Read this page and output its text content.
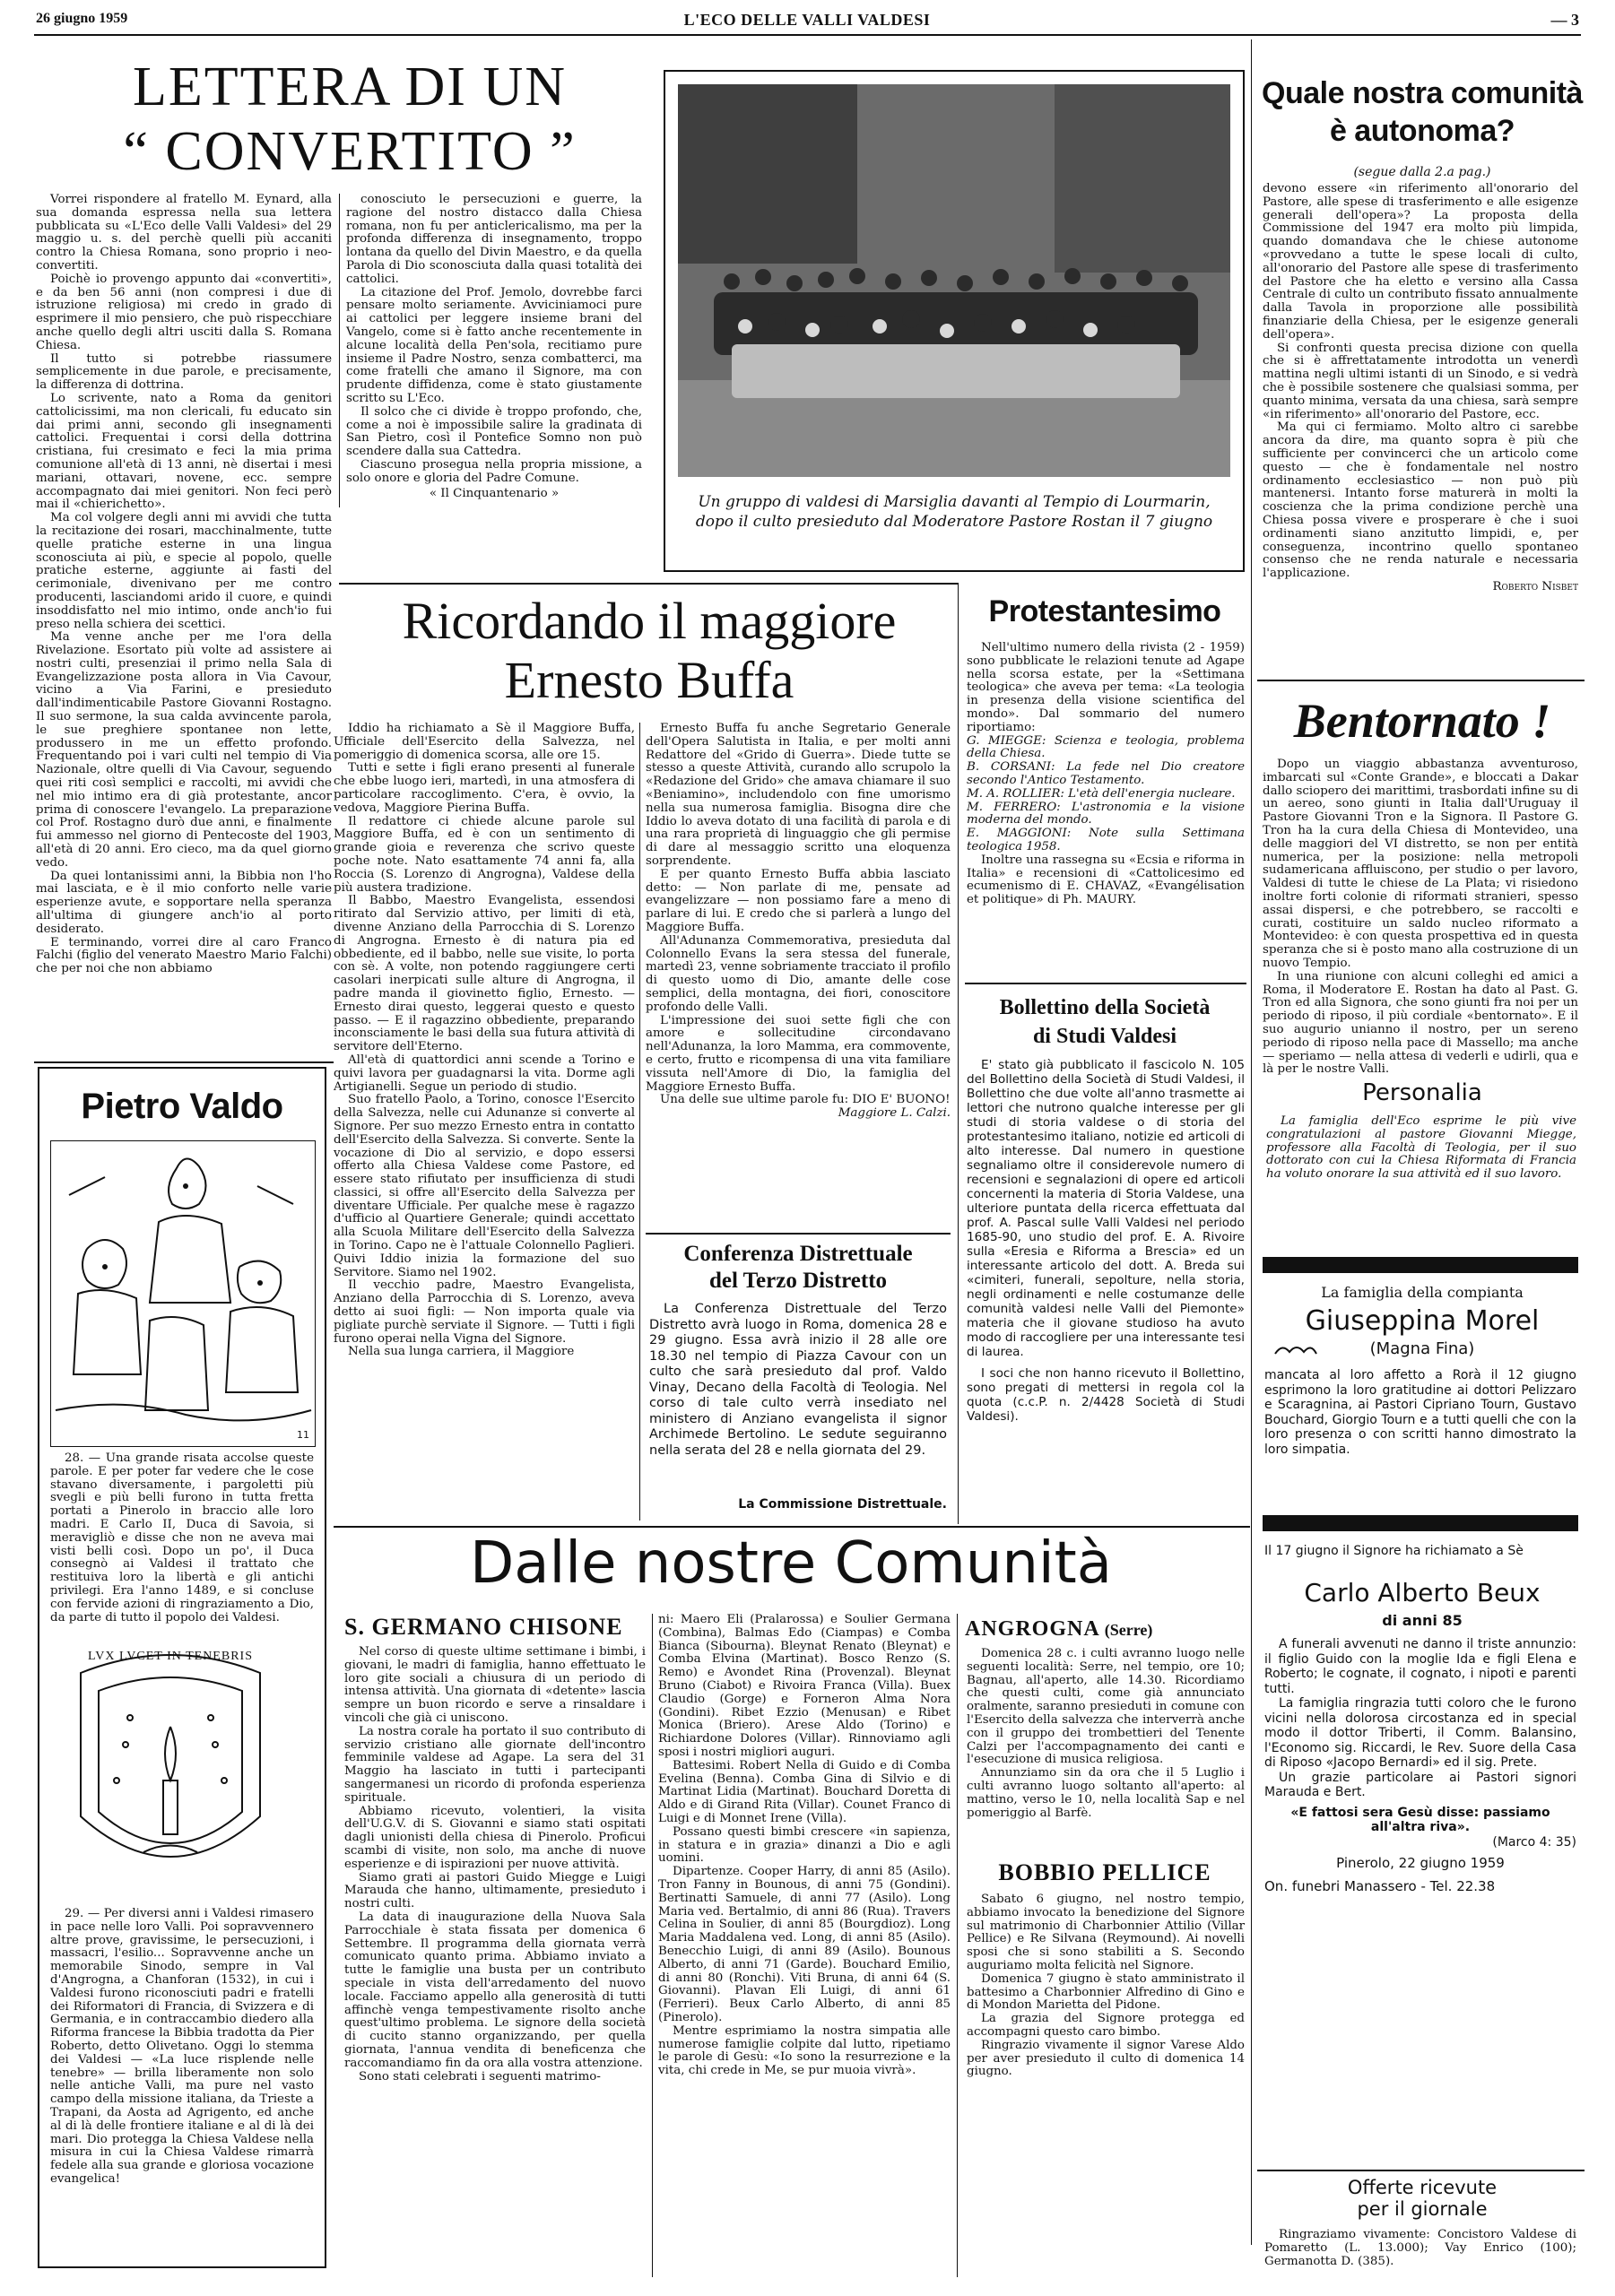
26 giugno 1959	L'ECO DELLE VALLI VALDESI	— 3
LETTERA DI UN
“ CONVERTITO ”

Vorrei rispondere al fratello M. Eynard, alla sua domanda espressa nella sua lettera pubblicata su «L'Eco delle Valli Valdesi» del 29 maggio u. s. del perchè quelli più accaniti contro la Chiesa Romana, sono proprio i neo-convertiti.

Poichè io provengo appunto dai «convertiti», e da ben 56 anni (non compresi i due di istruzione religiosa) mi credo in grado di esprimere il mio pensiero, che può rispecchiare anche quello degli altri usciti dalla S. Romana Chiesa.

Il tutto si potrebbe riassumere semplicemente in due parole, e precisamente, la differenza di dottrina.

Lo scrivente, nato a Roma da genitori cattolicissimi, ma non clericali, fu educato sin dai primi anni, secondo gli insegnamenti cattolici. Frequentai i corsi della dottrina cristiana, fui cresimato e feci la mia prima comunione all'età di 13 anni, nè disertai i mesi mariani, ottavari, novene, ecc. sempre accompagnato dai miei genitori. Non feci però mai il «chierichetto».

Ma col volgere degli anni mi avvidi che tutta la recitazione dei rosari, macchinalmente, tutte quelle pratiche esterne in una lingua sconosciuta ai più, e specie al popolo, quelle pratiche esterne, aggiunte ai fasti del cerimoniale, divenivano per me contro producenti, lasciandomi arido il cuore, e quindi insoddisfatto nel mio intimo, onde anch'io fui preso nella schiera dei scettici.

Ma venne anche per me l'ora della Rivelazione. Esortato più volte ad assistere ai nostri culti, presenziai il primo nella Sala di Evangelizzazione posta allora in Via Cavour, vicino a Via Farini, e presieduto dall'indimenticabile Pastore Giovanni Rostagno. Il suo sermone, la sua calda avvincente parola, le sue preghiere spontanee non lette, produssero in me un effetto profondo. Frequentando poi i vari culti nel tempio di Via Nazionale, oltre quelli di Via Cavour, seguendo quei riti così semplici e raccolti, mi avvidi che nel mio intimo era di già protestante, ancor prima di conoscere l'evangelo. La preparazione col Prof. Rostagno durò due anni, e finalmente fui ammesso nel giorno di Pentecoste del 1903, all'età di 20 anni. Ero cieco, ma da quel giorno vedo.

Da quei lontanissimi anni, la Bibbia non l'ho mai lasciata, e è il mio conforto nelle varie esperienze avute, e sopportare nella speranza all'ultima di giungere anch'io al porto desiderato.

E terminando, vorrei dire al caro Franco Falchi (figlio del venerato Maestro Mario Falchi) che per noi che non abbiamo

conosciuto le persecuzioni e guerre, la ragione del nostro distacco dalla Chiesa romana, non fu per anticlericalismo, ma per la profonda differenza di insegnamento, troppo lontana da quello del Divin Maestro, e da quella Parola di Dio sconosciuta dalla quasi totalità dei cattolici.

La citazione del Prof. Jemolo, dovrebbe farci pensare molto seriamente. Avviciniamoci pure ai cattolici per leggere insieme brani del Vangelo, come si è fatto anche recentemente in alcune località della Pen'sola, recitiamo pure insieme il Padre Nostro, senza combatterci, ma come fratelli che amano il Signore, ma con prudente diffidenza, come è stato giustamente scritto su L'Eco.

Il solco che ci divide è troppo profondo, che, come a noi è impossibile salire la gradinata di San Pietro, così il Pontefice Somno non può scendere dalla sua Cattedra.

Ciascuno prosegua nella propria missione, a solo onore e gloria del Padre Comune.

« Il Cinquantenario »	Un gruppo di valdesi di Marsiglia davanti al Tempio di Lourmarin,
dopo il culto presieduto dal Moderatore Pastore Rostan il 7 giugno
Quale nostra comunità
è autonoma?
(segue dalla 2.a pag.)

devono essere «in riferimento all'onorario del Pastore, alle spese di trasferimento e alle esigenze generali dell'opera»? La proposta della Commissione del 1947 era molto più limpida, quando domandava che le chiese autonome «provvedano a tutte le spese locali di culto, all'onorario del Pastore alle spese di trasferimento del Pastore che ha eletto e versino alla Cassa Centrale di culto un contributo fissato annualmente dalla Tavola in proporzione alle possibilità finanziarie della Chiesa, per le esigenze generali dell'opera».

Si confronti questa precisa dizione con quella che si è affrettatamente introdotta un venerdì mattina negli ultimi istanti di un Sinodo, e si vedrà che è possibile sostenere che qualsiasi somma, per quanto minima, versata da una chiesa, sarà sempre «in riferimento» all'onorario del Pastore, ecc.

Ma qui ci fermiamo. Molto altro ci sarebbe ancora da dire, ma quanto sopra è più che sufficiente per convincerci che un articolo come questo — che è fondamentale nel nostro ordinamento ecclesiastico — non può più mantenersi. Intanto forse maturerà in molti la coscienza che la prima condizione perchè una Chiesa possa vivere e prosperare è che i suoi ordinamenti siano anzitutto limpidi, e, per conseguenza, incontrino quello spontaneo consenso che ne renda naturale e necessaria l'applicazione.

Roberto Nisbet

Bentornato !

Dopo un viaggio abbastanza avventuroso, imbarcati sul «Conte Grande», e bloccati a Dakar dallo sciopero dei marittimi, trasbordati infine su di un aereo, sono giunti in Italia dall'Uruguay il Pastore Giovanni Tron e la Signora. Il Pastore G. Tron ha la cura della Chiesa di Montevideo, una delle maggiori del VI distretto, se non per entità numerica, per la posizione: nella metropoli sudamericana affluiscono, per studio o per lavoro, Valdesi di tutte le chiese de La Plata; vi risiedono inoltre forti colonie di riformati stranieri, spesso assai dispersi, e che potrebbero, se raccolti e curati, costituire un saldo nucleo riformato a Montevideo: è con questa prospettiva ed in questa speranza che si è posto mano alla costruzione di un nuovo Tempio.

In una riunione con alcuni colleghi ed amici a Roma, il Moderatore E. Rostan ha dato al Past. G. Tron ed alla Signora, che sono giunti fra noi per un periodo di riposo, il più cordiale «bentornato». E il suo augurio unianno il nostro, per un sereno periodo di riposo nella pace di Massello; ma anche — speriamo — nella attesa di vederli e udirli, qua e là per le nostre Valli.

Personalia

La famiglia dell'Eco esprime le più vive congratulazioni al pastore Giovanni Miegge, professore alla Facoltà di Teologia, per il suo dottorato con cui la Chiesa Riformata di Francia ha voluto onorare la sua attività ed il suo lavoro.

La famiglia della compianta
Giuseppina Morel
(Magna Fina)

mancata al loro affetto a Rorà il 12 giugno esprimono la loro gratitudine ai dottori Pelizzaro e Scaragnina, ai Pastori Cipriano Tourn, Gustavo Bouchard, Giorgio Tourn e a tutti quelli che con la loro presenza o con scritti hanno dimostrato la loro simpatia.

Il 17 giugno il Signore ha richiamato a Sè

Carlo Alberto Beux
di anni 85

A funerali avvenuti ne danno il triste annunzio: il figlio Guido con la moglie Ida e figli Elena e Roberto; le cognate, il cognato, i nipoti e parenti tutti.

La famiglia ringrazia tutti coloro che le furono vicini nella dolorosa circostanza ed in special modo il dottor Triberti, il Comm. Balansino, l'Economo sig. Riccardi, le Rev. Suore della Casa di Riposo «Jacopo Bernardi» ed il sig. Prete.

Un grazie particolare ai Pastori signori Marauda e Bert.

«E fattosi sera Gesù disse: passiamo all'altra riva».

(Marco 4: 35)

Pinerolo, 22 giugno 1959

On. funebri Manassero - Tel. 22.38

Offerte ricevute
per il giornale

Ringraziamo vivamente: Concistoro Valdese di Pomaretto (L. 13.000); Vay Enrico (100); Germanotta D. (385).

Ricordando il maggiore
Ernesto Buffa

Iddio ha richiamato a Sè il Maggiore Buffa, Ufficiale dell'Esercito della Salvezza, nel pomeriggio di domenica scorsa, alle ore 15.

Tutti e sette i figli erano presenti al funerale che ebbe luogo ieri, martedì, in una atmosfera di particolare raccoglimento. C'era, è ovvio, la vedova, Maggiore Pierina Buffa.

Il redattore ci chiede alcune parole sul Maggiore Buffa, ed è con un sentimento di grande gioia e reverenza che scrivo queste poche note. Nato esattamente 74 anni fa, alla Roccia (S. Lorenzo di Angrogna), Valdese della più austera tradizione.

Il Babbo, Maestro Evangelista, essendosi ritirato dal Servizio attivo, per limiti di età, divenne Anziano della Parrocchia di S. Lorenzo di Angrogna. Ernesto è di natura pia ed obbediente, ed il babbo, nelle sue visite, lo porta con sè. A volte, non potendo raggiungere certi casolari inerpicati sulle alture di Angrogna, il padre manda il giovinetto figlio, Ernesto. — Ernesto dirai questo, leggerai questo e questo passo. — E il ragazzino obbediente, preparando inconsciamente le basi della sua futura attività di servitore dell'Eterno.

All'età di quattordici anni scende a Torino e quivi lavora per guadagnarsi la vita. Dorme agli Artigianelli. Segue un periodo di studio.

Suo fratello Paolo, a Torino, conosce l'Esercito della Salvezza, nelle cui Adunanze si converte al Signore. Per suo mezzo Ernesto entra in contatto dell'Esercito della Salvezza. Si converte. Sente la vocazione di Dio al servizio, e dopo essersi offerto alla Chiesa Valdese come Pastore, ed essere stato rifiutato per insufficienza di studi classici, si offre all'Esercito della Salvezza per diventare Ufficiale. Per qualche mese è ragazzo d'ufficio al Quartiere Generale; quindi accettato alla Scuola Militare dell'Esercito della Salvezza in Torino. Capo ne è l'attuale Colonnello Paglieri. Quivi Iddio inizia la formazione del suo Servitore. Siamo nel 1902.

Il vecchio padre, Maestro Evangelista, Anziano della Parrocchia di S. Lorenzo, aveva detto ai suoi figli: — Non importa quale via pigliate purchè serviate il Signore. — Tutti i figli furono operai nella Vigna del Signore.

Nella sua lunga carriera, il Maggiore

Ernesto Buffa fu anche Segretario Generale dell'Opera Salutista in Italia, e per molti anni Redattore del «Grido di Guerra». Diede tutte se stesso a queste Attività, curando allo scrupolo la «Redazione del Grido» che amava chiamare il suo «Beniamino», includendolo con fine umorismo nella sua numerosa famiglia. Bisogna dire che Iddio lo aveva dotato di una facilità di parola e di una rara proprietà di linguaggio che gli permise di dare al messaggio scritto una eloquenza sorprendente.

E per quanto Ernesto Buffa abbia lasciato detto: — Non parlate di me, pensate ad evangelizzare — non possiamo fare a meno di parlare di lui. E credo che si parlerà a lungo del Maggiore Buffa.

All'Adunanza Commemorativa, presieduta dal Colonnello Evans la sera stessa del funerale, martedì 23, venne sobriamente tracciato il profilo di questo uomo di Dio, amante delle cose semplici, della montagna, dei fiori, conoscitore profondo delle Valli.

L'impressione dei suoi sette figli che con amore e sollecitudine circondavano nell'Adunanza, la loro Mamma, era commovente, e certo, frutto e ricompensa di una vita familiare vissuta nell'Amore di Dio, la famiglia del Maggiore Ernesto Buffa.

Una delle sue ultime parole fu: DIO E' BUONO!

Maggiore L. Calzi.

Conferenza Distrettuale
del Terzo Distretto

La Conferenza Distrettuale del Terzo Distretto avrà luogo in Roma, domenica 28 e 29 giugno. Essa avrà inizio il 28 alle ore 18.30 nel tempio di Piazza Cavour con un culto che sarà presieduto dal prof. Valdo Vinay, Decano della Facoltà di Teologia. Nel corso di tale culto verrà insediato nel ministero di Anziano evangelista il signor Archimede Bertolino. Le sedute seguiranno nella serata del 28 e nella giornata del 29.

La Commissione Distrettuale.
Protestantesimo

Nell'ultimo numero della rivista (2 - 1959) sono pubblicate le relazioni tenute ad Agape nella scorsa estate, per la «Settimana teologica» che aveva per tema: «La teologia in presenza della visione scientifica del mondo». Dal sommario del numero riportiamo:

G. MIEGGE: Scienza e teologia, problema della Chiesa.

B. CORSANI: La fede nel Dio creatore secondo l'Antico Testamento.

M. A. ROLLIER: L'età dell'energia nucleare.

M. FERRERO: L'astronomia e la visione moderna del mondo.

E. MAGGIONI: Note sulla Settimana teologica 1958.

Inoltre una rassegna su «Ecsia e riforma in Italia» e recensioni di «Cattolicesimo ed ecumenismo di E. CHAVAZ, «Evangélisation et politique» di Ph. MAURY.

Bollettino della Società
di Studi Valdesi

E' stato già pubblicato il fascicolo N. 105 del Bollettino della Società di Studi Valdesi, il Bollettino che due volte all'anno trasmette ai lettori che nutrono qualche interesse per gli studi di storia valdese o di storia del protestantesimo italiano, notizie ed articoli di alto interesse. Dal numero in questione segnaliamo oltre il considerevole numero di recensioni e segnalazioni di opere ed articoli concernenti la materia di Storia Valdese, una ulteriore puntata della ricerca effettuata dal prof. A. Pascal sulle Valli Valdesi nel periodo 1685-90, uno studio del prof. E. A. Rivoire sulla «Eresia e Riforma a Brescia» ed un interessante articolo del dott. A. Breda sui «cimiteri, funerali, sepolture, nella storia, negli ordinamenti e nelle costumanze delle comunità valdesi nelle Valli del Piemonte» materia che il giovane studioso ha avuto modo di raccogliere per una interessante tesi di laurea.

I soci che non hanno ricevuto il Bollettino, sono pregati di mettersi in regola col la quota (c.c.P. n. 2/4428 Società di Studi Valdesi).

Pietro Valdo
11

28. — Una grande risata accolse queste parole. E per poter far vedere che le cose stavano diversamente, i pargoletti più svegli e più belli furono in tutta fretta portati a Pinerolo in braccio alle loro madri. E Carlo II, Duca di Savoia, si meravigliò e disse che non ne aveva mai visti belli così. Dopo un po', il Duca consegnò ai Valdesi il trattato che restituiva loro la libertà e gli antichi privilegi. Era l'anno 1489, e si concluse con fervide azioni di ringraziamento a Dio, da parte di tutto il popolo dei Valdesi.

LVX LVCET IN TENEBRIS

29. — Per diversi anni i Valdesi rimasero in pace nelle loro Valli. Poi sopravvennero altre prove, gravissime, le persecuzioni, i massacri, l'esilio... Sopravvenne anche un memorabile Sinodo, sempre in Val d'Angrogna, a Chanforan (1532), in cui i Valdesi furono riconosciuti padri e fratelli dei Riformatori di Francia, di Svizzera e di Germania, e in contraccambio diedero alla Riforma francese la Bibbia tradotta da Pier Roberto, detto Olivetano. Oggi lo stemma dei Valdesi — «La luce risplende nelle tenebre» — brilla liberamente non solo nelle antiche Valli, ma pure nel vasto campo della missione italiana, da Trieste a Trapani, da Aosta ad Agrigento, ed anche al di là delle frontiere italiane e al di là dei mari. Dio protegga la Chiesa Valdese nella misura in cui la Chiesa Valdese rimarrà fedele alla sua grande e gloriosa vocazione evangelica!

Dalle nostre Comunità
S. GERMANO CHISONE

Nel corso di queste ultime settimane i bimbi, i giovani, le madri di famiglia, hanno effettuato le loro gite sociali a chiusura di un periodo di intensa attività. Una giornata di «detente» lascia sempre un buon ricordo e serve a rinsaldare i vincoli che già ci uniscono.

La nostra corale ha portato il suo contributo di servizio cristiano alle giornate dell'incontro femminile valdese ad Agape. La sera del 31 Maggio ha lasciato in tutti i partecipanti sangermanesi un ricordo di profonda esperienza spirituale.

Abbiamo ricevuto, volentieri, la visita dell'U.G.V. di S. Giovanni e siamo stati ospitati dagli unionisti della chiesa di Pinerolo. Proficui scambi di visite, non solo, ma anche di nuove esperienze e di ispirazioni per nuove attività.

Siamo grati ai pastori Guido Miegge e Luigi Marauda che hanno, ultimamente, presieduto i nostri culti.

La data di inaugurazione della Nuova Sala Parrocchiale è stata fissata per domenica 6 Settembre. Il programma della giornata verrà comunicato quanto prima. Abbiamo inviato a tutte le famiglie una busta per un contributo speciale in vista dell'arredamento del nuovo locale. Facciamo appello alla generosità di tutti affinchè venga tempestivamente risolto anche quest'ultimo problema. Le signore della società di cucito stanno organizzando, per quella giornata, l'annua vendita di beneficenza che raccomandiamo fin da ora alla vostra attenzione.

Sono stati celebrati i seguenti matrimo-

ni: Maero Eli (Pralarossa) e Soulier Germana (Combina), Balmas Edo (Ciampas) e Comba Bianca (Sibourna). Bleynat Renato (Bleynat) e Comba Elvina (Martinat). Bosco Renzo (S. Remo) e Avondet Rina (Provenzal). Bleynat Bruno (Ciabot) e Rivoira Franca (Villa). Buex Claudio (Gorge) e Forneron Alma Nora (Gondini). Ribet Ezzio (Menusan) e Ribet Monica (Briero). Arese Aldo (Torino) e Richiardone Dolores (Villar). Rinnoviamo agli sposi i nostri migliori auguri.

Battesimi. Robert Nella di Guido e di Comba Evelina (Benna). Comba Gina di Silvio e di Martinat Lidia (Martinat). Bouchard Doretta di Aldo e di Girand Rita (Villar). Counet Franco di Luigi e di Monnet Irene (Villa).

Possano questi bimbi crescere «in sapienza, in statura e in grazia» dinanzi a Dio e agli uomini.

Dipartenze. Cooper Harry, di anni 85 (Asilo). Tron Fanny in Bounous, di anni 75 (Gondini). Bertinatti Samuele, di anni 77 (Asilo). Long Maria ved. Bertalmio, di anni 86 (Rua). Travers Celina in Soulier, di anni 85 (Bourgdioz). Long Maria Maddalena ved. Long, di anni 85 (Asilo). Benecchio Luigi, di anni 89 (Asilo). Bounous Alberto, di anni 71 (Garde). Bouchard Emilio, di anni 80 (Ronchi). Viti Bruna, di anni 64 (S. Giovanni). Plavan Eli Luigi, di anni 61 (Ferrieri). Beux Carlo Alberto, di anni 85 (Pinerolo).

Mentre esprimiamo la nostra simpatia alle numerose famiglie colpite dal lutto, ripetiamo le parole di Gesù: «Io sono la resurrezione e la vita, chi crede in Me, se pur muoia vivrà».

ANGROGNA (Serre)

Domenica 28 c. i culti avranno luogo nelle seguenti località: Serre, nel tempio, ore 10; Bagnau, all'aperto, alle 14.30. Ricordiamo che questi culti, come già annunciato oralmente, saranno presieduti in comune con l'Esercito della salvezza che interverrà anche con il gruppo dei trombettieri del Tenente Calzi per l'accompagnamento dei canti e l'esecuzione di musica religiosa.

Annunziamo sin da ora che il 5 Luglio i culti avranno luogo soltanto all'aperto: al mattino, verso le 10, nella località Sap e nel pomeriggio al Barfè.

BOBBIO PELLICE

Sabato 6 giugno, nel nostro tempio, abbiamo invocato la benedizione del Signore sul matrimonio di Charbonnier Attilio (Villar Pellice) e Re Silvana (Reymound). Ai novelli sposi che si sono stabiliti a S. Secondo auguriamo molta felicità nel Signore.

Domenica 7 giugno è stato amministrato il battesimo a Charbonnier Alfredino di Gino e di Mondon Marietta del Pidone.

La grazia del Signore protegga ed accompagni questo caro bimbo.

Ringrazio vivamente il signor Varese Aldo per aver presieduto il culto di domenica 14 giugno.
